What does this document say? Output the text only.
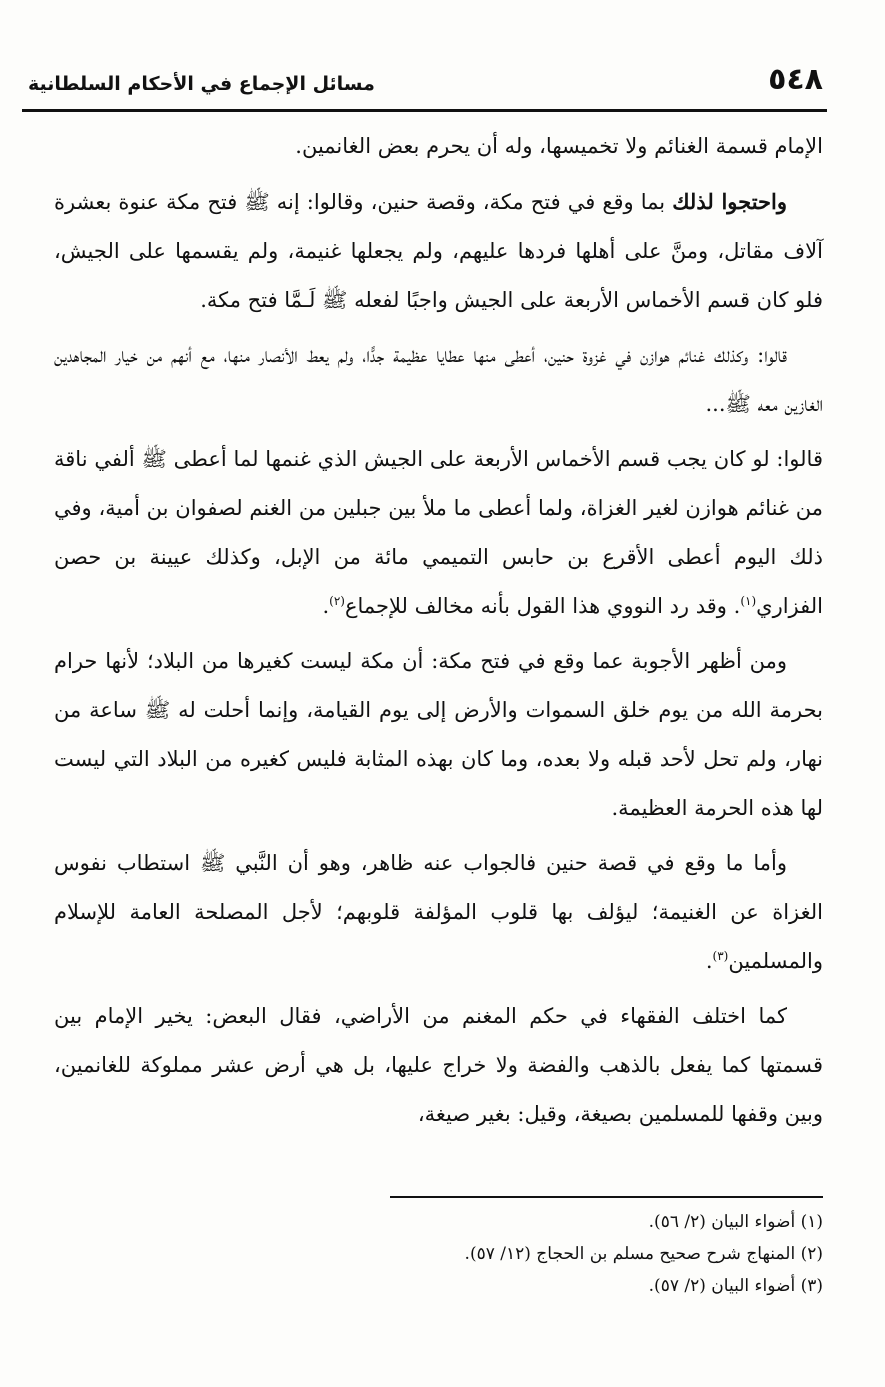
٥٤٨
مسائل الإجماع في الأحكام السلطانية

الإمام قسمة الغنائم ولا تخميسها، وله أن يحرم بعض الغانمين.

واحتجوا لذلك بما وقع في فتح مكة، وقصة حنين، وقالوا: إنه ﷺ فتح مكة عنوة بعشرة آلاف مقاتل، ومنَّ على أهلها فردها عليهم، ولم يجعلها غنيمة، ولم يقسمها على الجيش، فلو كان قسم الأخماس الأربعة على الجيش واجبًا لفعله ﷺ لَـمَّا فتح مكة.

قالوا: وكذلك غنائم هوازن في غزوة حنين، أعطى منها عطايا عظيمة جدًّا، ولم يعط الأنصار منها، مع أنهم من خيار المجاهدين الغازين معه ﷺ...

قالوا: لو كان يجب قسم الأخماس الأربعة على الجيش الذي غنمها لما أعطى ﷺ ألفي ناقة من غنائم هوازن لغير الغزاة، ولما أعطى ما ملأ بين جبلين من الغنم لصفوان بن أمية، وفي ذلك اليوم أعطى الأقرع بن حابس التميمي مائة من الإبل، وكذلك عيينة بن حصن الفزاري$^{(١)}$. وقد رد النووي هذا القول بأنه مخالف للإجماع$^{(٢)}$.

ومن أظهر الأجوبة عما وقع في فتح مكة: أن مكة ليست كغيرها من البلاد؛ لأنها حرام بحرمة الله من يوم خلق السموات والأرض إلى يوم القيامة، وإنما أحلت له ﷺ ساعة من نهار، ولم تحل لأحد قبله ولا بعده، وما كان بهذه المثابة فليس كغيره من البلاد التي ليست لها هذه الحرمة العظيمة.

وأما ما وقع في قصة حنين فالجواب عنه ظاهر، وهو أن النَّبي ﷺ استطاب نفوس الغزاة عن الغنيمة؛ ليؤلف بها قلوب المؤلفة قلوبهم؛ لأجل المصلحة العامة للإسلام والمسلمين$^{(٣)}$.

كما اختلف الفقهاء في حكم المغنم من الأراضي، فقال البعض: يخير الإمام بين قسمتها كما يفعل بالذهب والفضة ولا خراج عليها، بل هي أرض عشر مملوكة للغانمين، وبين وقفها للمسلمين بصيغة، وقيل: بغير صيغة،

(١) أضواء البيان (٢/ ٥٦).

(٢) المنهاج شرح صحيح مسلم بن الحجاج (١٢/ ٥٧).

(٣) أضواء البيان (٢/ ٥٧).
